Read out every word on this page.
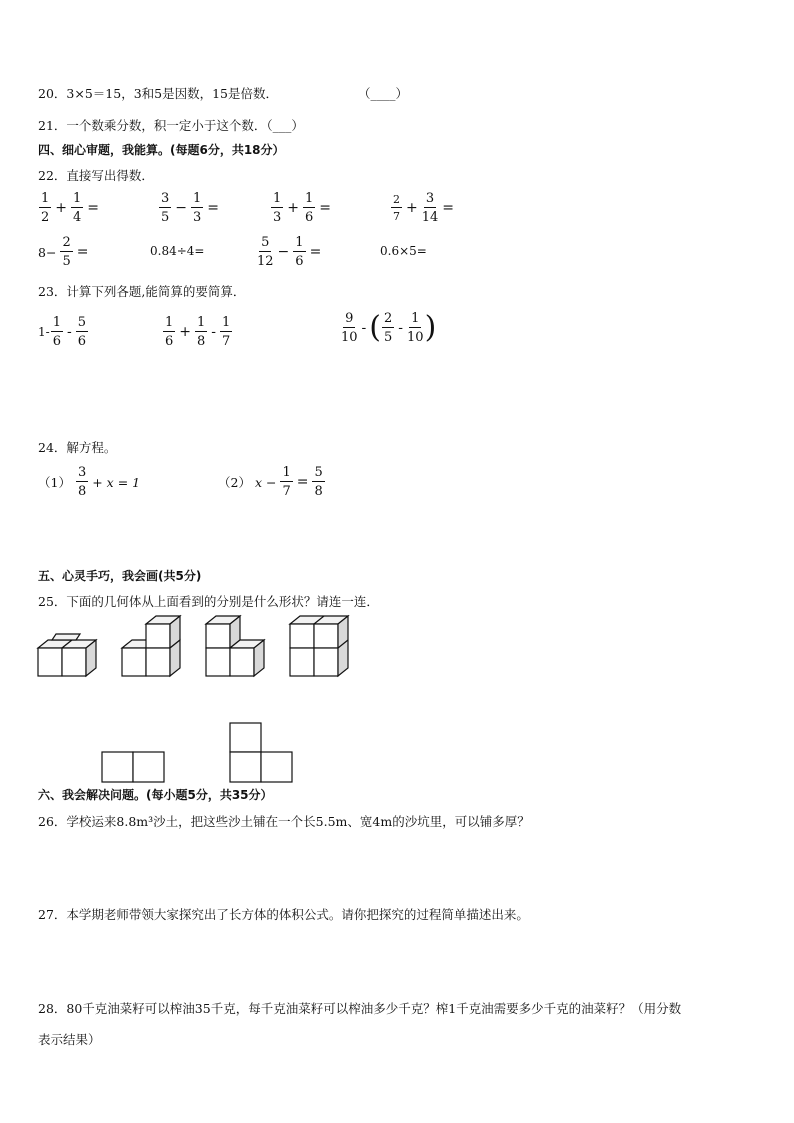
20．3×5＝15，3和5是因数，15是倍数．	（____）
21．一个数乘分数，积一定小于这个数．（___）
四、细心审题，我能算。(每题6分，共18分）
22．直接写出得数．
$\frac{1}{2} + \frac{1}{4}$ =	$\frac{3}{5} - \frac{1}{3}$ =	$\frac{1}{3} + \frac{1}{6}$ =	$\frac{2}{7} + \frac{3}{14}$ =
$8- \frac{2}{5}$ =	0.84÷4=	$\frac{5}{12} - \frac{1}{6}$ =	0.6×5=
23．计算下列各题,能简算的要简算．
$1- \frac{1}{6} - \frac{5}{6}$	$\frac{1}{6} + \frac{1}{8} - \frac{1}{7}$	$\frac{9}{10}$ - ( $\frac{2}{5} - \frac{1}{10}$ )
24．解方程。
$(1) \frac{3}{8} + x = 1$	（2） $x - \frac{1}{7} = \frac{5}{8}$
五、心灵手巧，我会画(共5分)
25．下面的几何体从上面看到的分别是什么形状？请连一连．
六、我会解决问题。(每小题5分，共35分）
26．学校运来8.8m³沙土，把这些沙土铺在一个长5.5m、宽4m的沙坑里，可以铺多厚？
27．本学期老师带领大家探究出了长方体的体积公式。请你把探究的过程简单描述出来。
28．80千克油菜籽可以榨油35千克，每千克油菜籽可以榨油多少千克？榨1千克油需要多少千克的油菜籽？（用分数
表示结果）
